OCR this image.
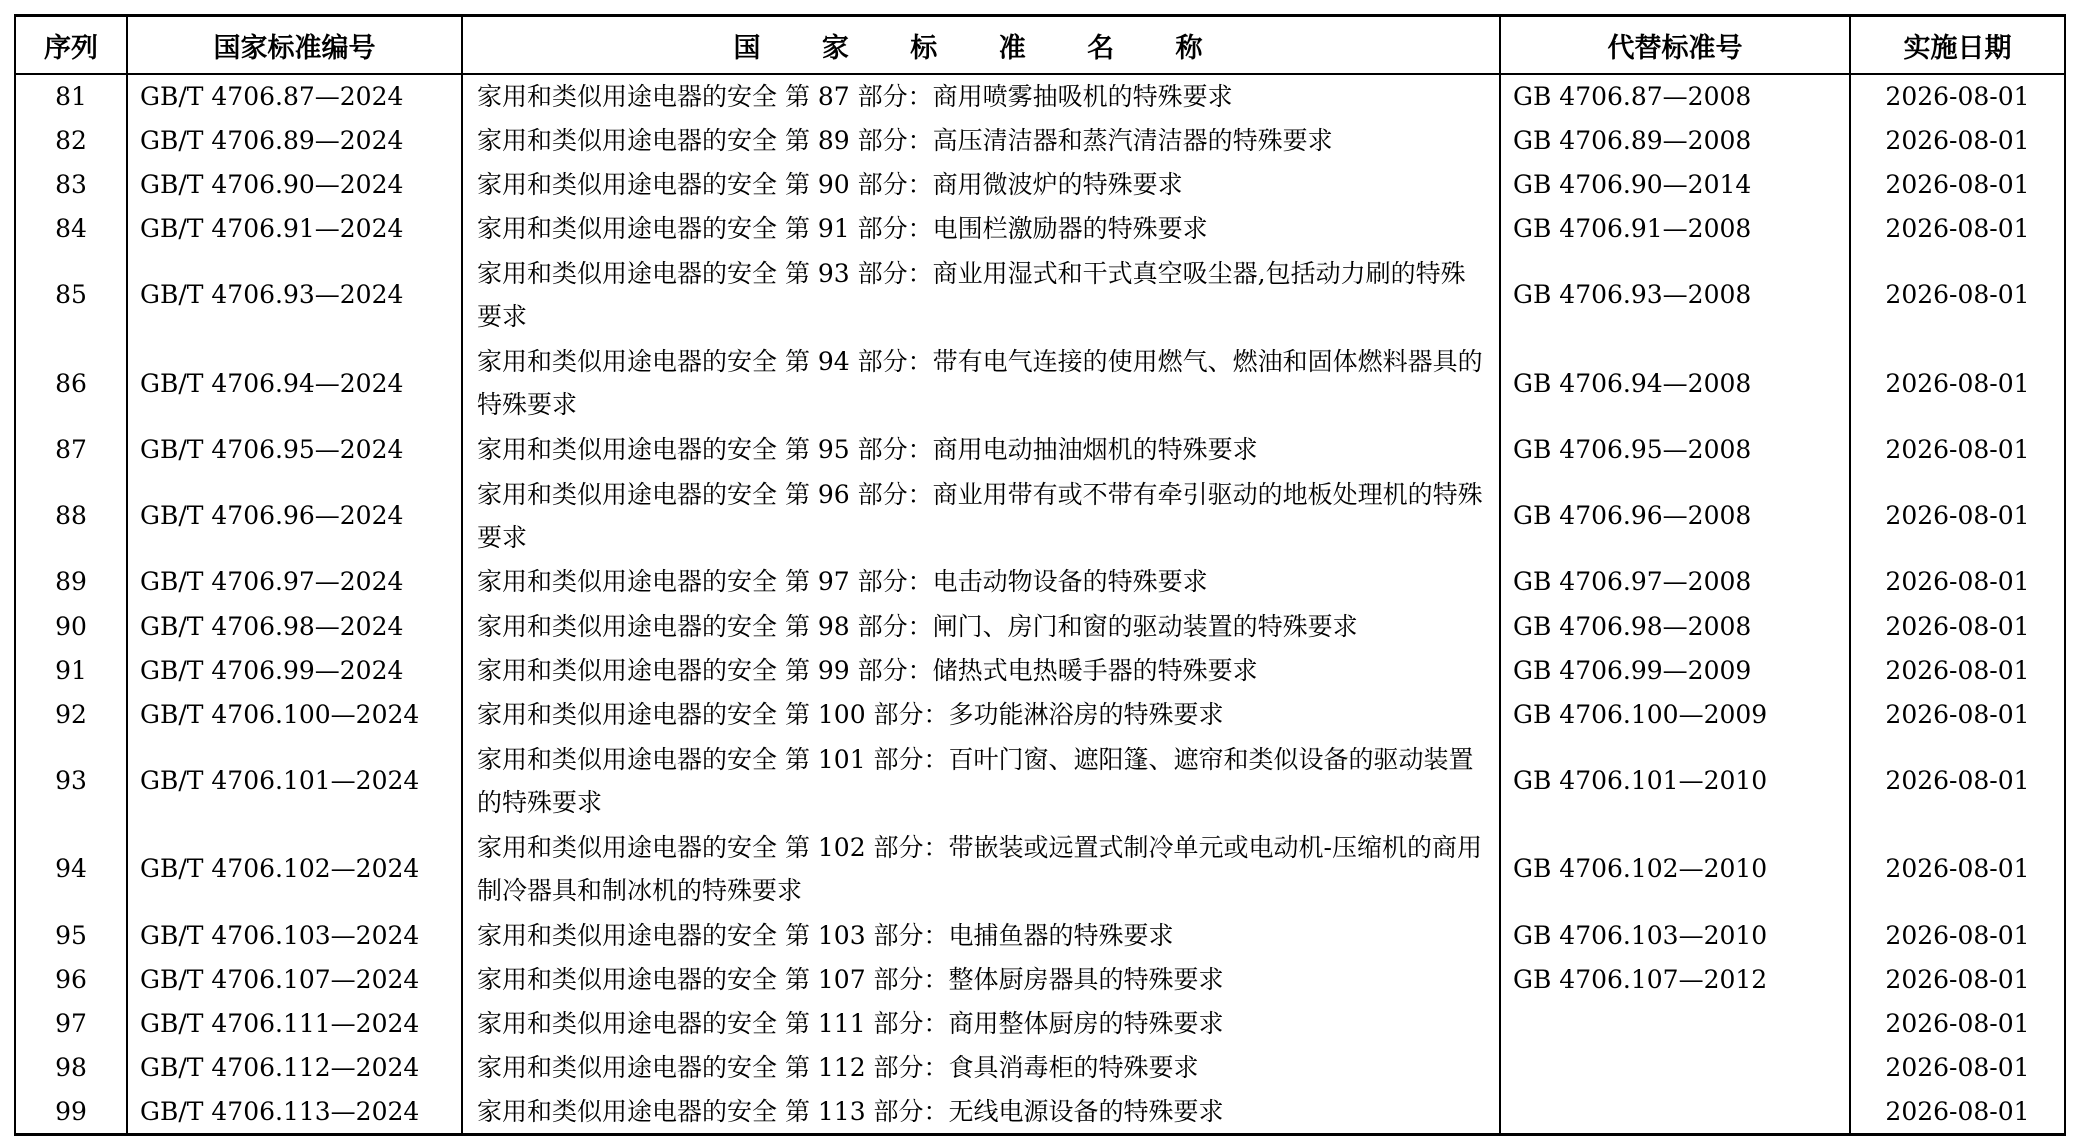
序列	国家标准编号	国 家 标 准 名 称	代替标准号	实施日期
81	GB/T 4706.87—2024	家用和类似用途电器的安全 第 87 部分：商用喷雾抽吸机的特殊要求	GB 4706.87—2008	2026-08-01
82	GB/T 4706.89—2024	家用和类似用途电器的安全 第 89 部分：高压清洁器和蒸汽清洁器的特殊要求	GB 4706.89—2008	2026-08-01
83	GB/T 4706.90—2024	家用和类似用途电器的安全 第 90 部分：商用微波炉的特殊要求	GB 4706.90—2014	2026-08-01
84	GB/T 4706.91—2024	家用和类似用途电器的安全 第 91 部分：电围栏激励器的特殊要求	GB 4706.91—2008	2026-08-01
85	GB/T 4706.93—2024	家用和类似用途电器的安全 第 93 部分：商业用湿式和干式真空吸尘器,包括动力刷的特殊要求	GB 4706.93—2008	2026-08-01
86	GB/T 4706.94—2024	家用和类似用途电器的安全 第 94 部分：带有电气连接的使用燃气、燃油和固体燃料器具的特殊要求	GB 4706.94—2008	2026-08-01
87	GB/T 4706.95—2024	家用和类似用途电器的安全 第 95 部分：商用电动抽油烟机的特殊要求	GB 4706.95—2008	2026-08-01
88	GB/T 4706.96—2024	家用和类似用途电器的安全 第 96 部分：商业用带有或不带有牵引驱动的地板处理机的特殊要求	GB 4706.96—2008	2026-08-01
89	GB/T 4706.97—2024	家用和类似用途电器的安全 第 97 部分：电击动物设备的特殊要求	GB 4706.97—2008	2026-08-01
90	GB/T 4706.98—2024	家用和类似用途电器的安全 第 98 部分：闸门、房门和窗的驱动装置的特殊要求	GB 4706.98—2008	2026-08-01
91	GB/T 4706.99—2024	家用和类似用途电器的安全 第 99 部分：储热式电热暖手器的特殊要求	GB 4706.99—2009	2026-08-01
92	GB/T 4706.100—2024	家用和类似用途电器的安全 第 100 部分：多功能淋浴房的特殊要求	GB 4706.100—2009	2026-08-01
93	GB/T 4706.101—2024	家用和类似用途电器的安全 第 101 部分：百叶门窗、遮阳篷、遮帘和类似设备的驱动装置的特殊要求	GB 4706.101—2010	2026-08-01
94	GB/T 4706.102—2024	家用和类似用途电器的安全 第 102 部分：带嵌装或远置式制冷单元或电动机-压缩机的商用制冷器具和制冰机的特殊要求	GB 4706.102—2010	2026-08-01
95	GB/T 4706.103—2024	家用和类似用途电器的安全 第 103 部分：电捕鱼器的特殊要求	GB 4706.103—2010	2026-08-01
96	GB/T 4706.107—2024	家用和类似用途电器的安全 第 107 部分：整体厨房器具的特殊要求	GB 4706.107—2012	2026-08-01
97	GB/T 4706.111—2024	家用和类似用途电器的安全 第 111 部分：商用整体厨房的特殊要求		2026-08-01
98	GB/T 4706.112—2024	家用和类似用途电器的安全 第 112 部分：食具消毒柜的特殊要求		2026-08-01
99	GB/T 4706.113—2024	家用和类似用途电器的安全 第 113 部分：无线电源设备的特殊要求		2026-08-01
